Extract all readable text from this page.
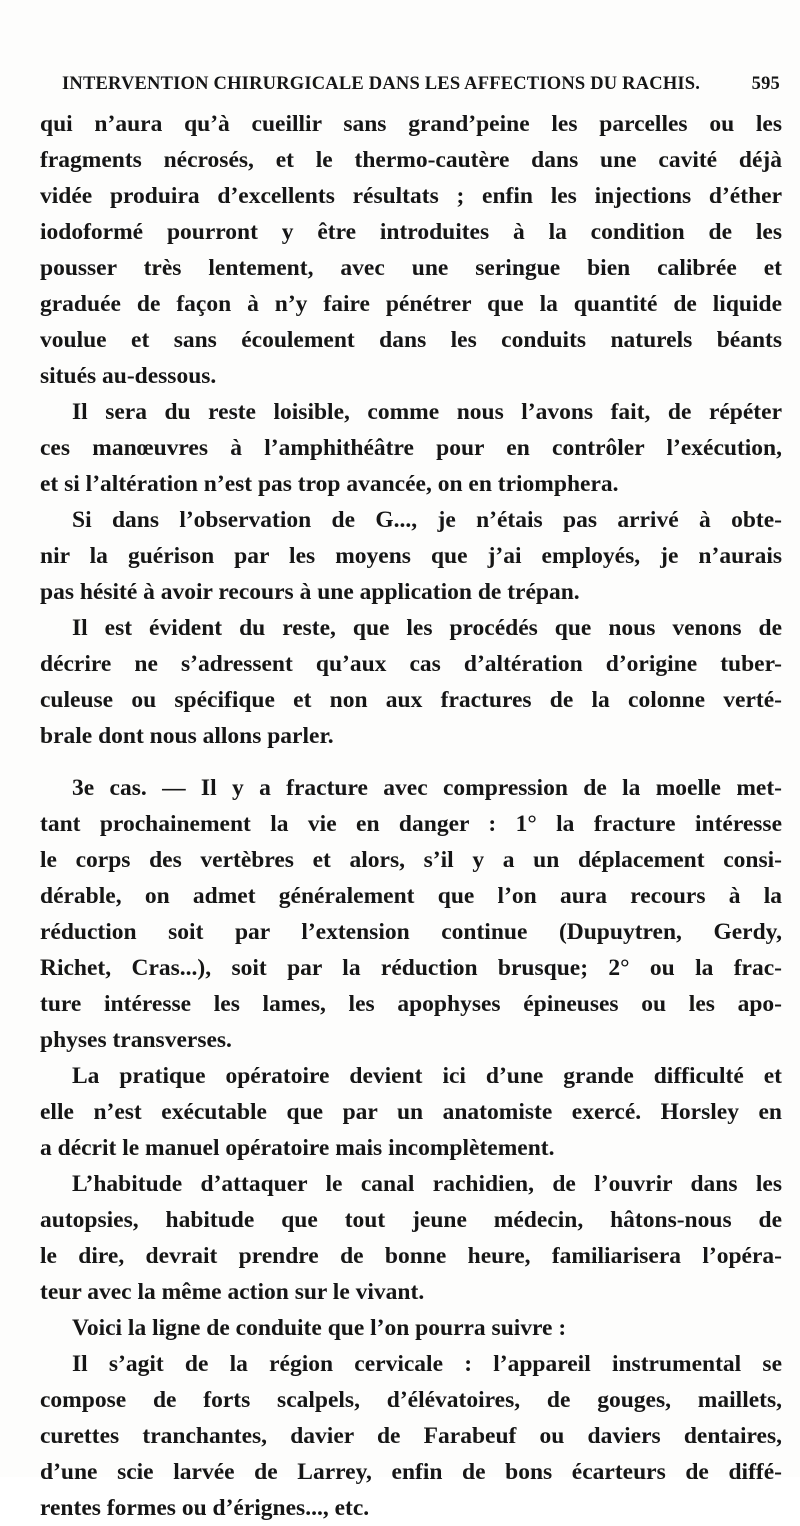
INTERVENTION CHIRURGICALE DANS LES AFFECTIONS DU RACHIS.	595
qui n’aura qu’à cueillir sans grand’peine les parcelles ou les
fragments nécrosés, et le thermo-cautère dans une cavité déjà
vidée produira d’excellents résultats ; enfin les injections d’éther
iodoformé pourront y être introduites à la condition de les
pousser très lentement, avec une seringue bien calibrée et
graduée de façon à n’y faire pénétrer que la quantité de liquide
voulue et sans écoulement dans les conduits naturels béants
situés au-dessous.
Il sera du reste loisible, comme nous l’avons fait, de répéter
ces manœuvres à l’amphithéâtre pour en contrôler l’exécution,
et si l’altération n’est pas trop avancée, on en triomphera.
Si dans l’observation de G..., je n’étais pas arrivé à obte-
nir la guérison par les moyens que j’ai employés, je n’aurais
pas hésité à avoir recours à une application de trépan.
Il est évident du reste, que les procédés que nous venons de
décrire ne s’adressent qu’aux cas d’altération d’origine tuber-
culeuse ou spécifique et non aux fractures de la colonne verté-
brale dont nous allons parler.
3e cas. — Il y a fracture avec compression de la moelle met-
tant prochainement la vie en danger : 1° la fracture intéresse
le corps des vertèbres et alors, s’il y a un déplacement consi-
dérable, on admet généralement que l’on aura recours à la
réduction soit par l’extension continue (Dupuytren, Gerdy,
Richet, Cras...), soit par la réduction brusque; 2° ou la frac-
ture intéresse les lames, les apophyses épineuses ou les apo-
physes transverses.
La pratique opératoire devient ici d’une grande difficulté et
elle n’est exécutable que par un anatomiste exercé. Horsley en
a décrit le manuel opératoire mais incomplètement.
L’habitude d’attaquer le canal rachidien, de l’ouvrir dans les
autopsies, habitude que tout jeune médecin, hâtons-nous de
le dire, devrait prendre de bonne heure, familiarisera l’opéra-
teur avec la même action sur le vivant.
Voici la ligne de conduite que l’on pourra suivre :
Il s’agit de la région cervicale : l’appareil instrumental se
compose de forts scalpels, d’élévatoires, de gouges, maillets,
curettes tranchantes, davier de Farabeuf ou daviers dentaires,
d’une scie larvée de Larrey, enfin de bons écarteurs de diffé-
rentes formes ou d’érignes..., etc.
